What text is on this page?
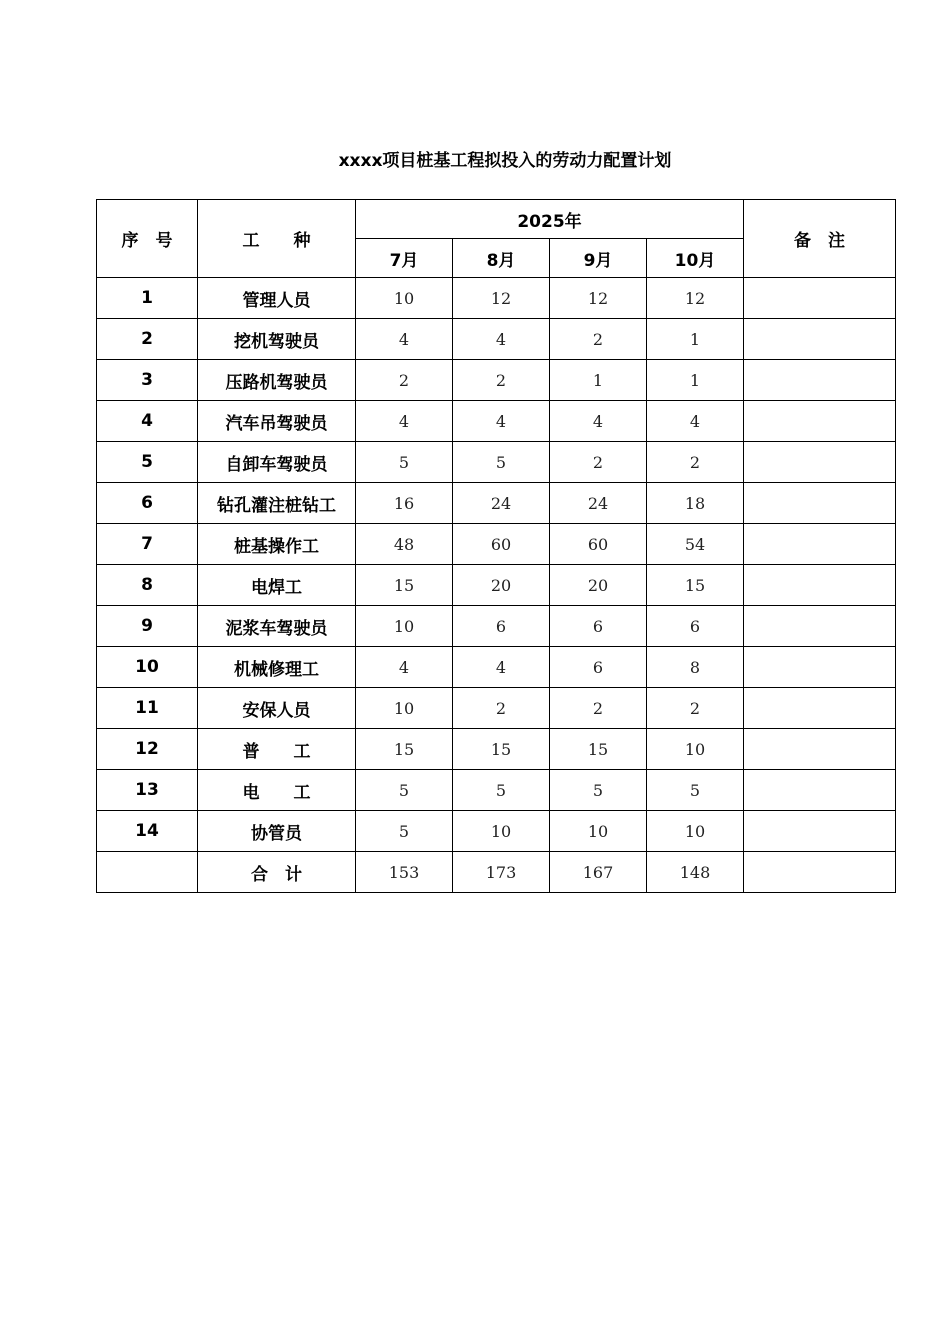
xxxx项目桩基工程拟投入的劳动力配置计划
序　号	工　　种	2025年				备　注
		7月	8月	9月	10月	
1	管理人员	10	12	12	12	
2	挖机驾驶员	4	4	2	1	
3	压路机驾驶员	2	2	1	1	
4	汽车吊驾驶员	4	4	4	4	
5	自卸车驾驶员	5	5	2	2	
6	钻孔灌注桩钻工	16	24	24	18	
7	桩基操作工	48	60	60	54	
8	电焊工	15	20	20	15	
9	泥浆车驾驶员	10	6	6	6	
10	机械修理工	4	4	6	8	
11	安保人员	10	2	2	2	
12	普　　工	15	15	15	10	
13	电　　工	5	5	5	5	
14	协管员	5	10	10	10	
	合　计	153	173	167	148	
